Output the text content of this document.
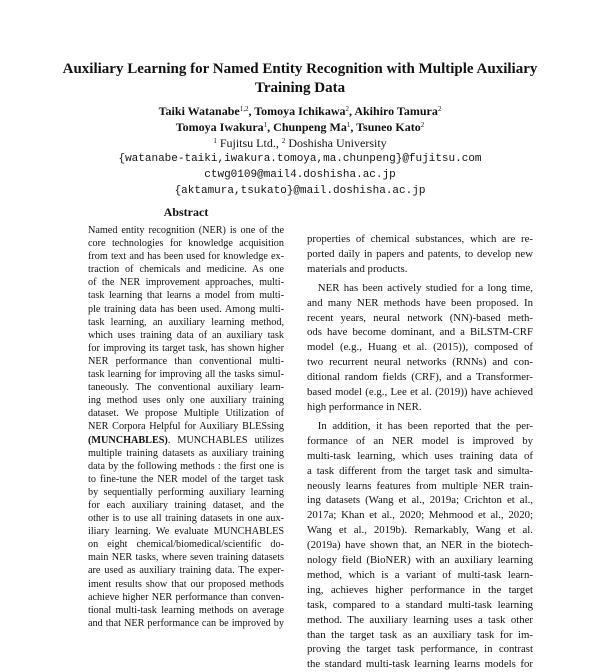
Auxiliary Learning for Named Entity Recognition with Multiple Auxiliary
Training Data
Taiki Watanabe$^{1,2}$, Tomoya Ichikawa$^2$, Akihiro Tamura$^2$
Tomoya Iwakura$^1$, Chunpeng Ma$^1$, Tsuneo Kato$^2$
$^1$ Fujitsu Ltd., $^2$ Doshisha University
{watanabe-taiki,iwakura.tomoya,ma.chunpeng}@fujitsu.com
ctwg0109@mail4.doshisha.ac.jp
{aktamura,tsukato}@mail.doshisha.ac.jp
Abstract
Named entity recognition (NER) is one of the
core technologies for knowledge acquisition
from text and has been used for knowledge ex-
traction of chemicals and medicine. As one
of the NER improvement approaches, multi-
task learning that learns a model from multi-
ple training data has been used. Among multi-
task learning, an auxiliary learning method,
which uses training data of an auxiliary task
for improving its target task, has shown higher
NER performance than conventional multi-
task learning for improving all the tasks simul-
taneously. The conventional auxiliary learn-
ing method uses only one auxiliary training
dataset. We propose Multiple Utilization of
NER Corpora Helpful for Auxiliary BLESsing
(MUNCHABLES). MUNCHABLES utilizes
multiple training datasets as auxiliary training
data by the following methods : the first one is
to fine-tune the NER model of the target task
by sequentially performing auxiliary learning
for each auxiliary training dataset, and the
other is to use all training datasets in one aux-
iliary learning. We evaluate MUNCHABLES
on eight chemical/biomedical/scientific do-
main NER tasks, where seven training datasets
are used as auxiliary training data. The exper-
iment results show that our proposed methods
achieve higher NER performance than conven-
tional multi-task learning methods on average
and that NER performance can be improved by
properties of chemical substances, which are re-
ported daily in papers and patents, to develop new
materials and products.
 NER has been actively studied for a long time,
and many NER methods have been proposed. In
recent years, neural network (NN)-based meth-
ods have become dominant, and a BiLSTM-CRF
model (e.g., Huang et al. (2015)), composed of
two recurrent neural networks (RNNs) and con-
ditional random fields (CRF), and a Transformer-
based model (e.g., Lee et al. (2019)) have achieved
high performance in NER.
 In addition, it has been reported that the per-
formance of an NER model is improved by
multi-task learning, which uses training data of
a task different from the target task and simulta-
neously learns features from multiple NER train-
ing datasets (Wang et al., 2019a; Crichton et al.,
2017a; Khan et al., 2020; Mehmood et al., 2020;
Wang et al., 2019b). Remarkably, Wang et al.
(2019a) have shown that, an NER in the biotech-
nology field (BioNER) with an auxiliary learning
method, which is a variant of multi-task learn-
ing, achieves higher performance in the target
task, compared to a standard multi-task learning
method. The auxiliary learning uses a task other
than the target task as an auxiliary task for im-
proving the target task performance, in contrast
the standard multi-task learning learns models for
